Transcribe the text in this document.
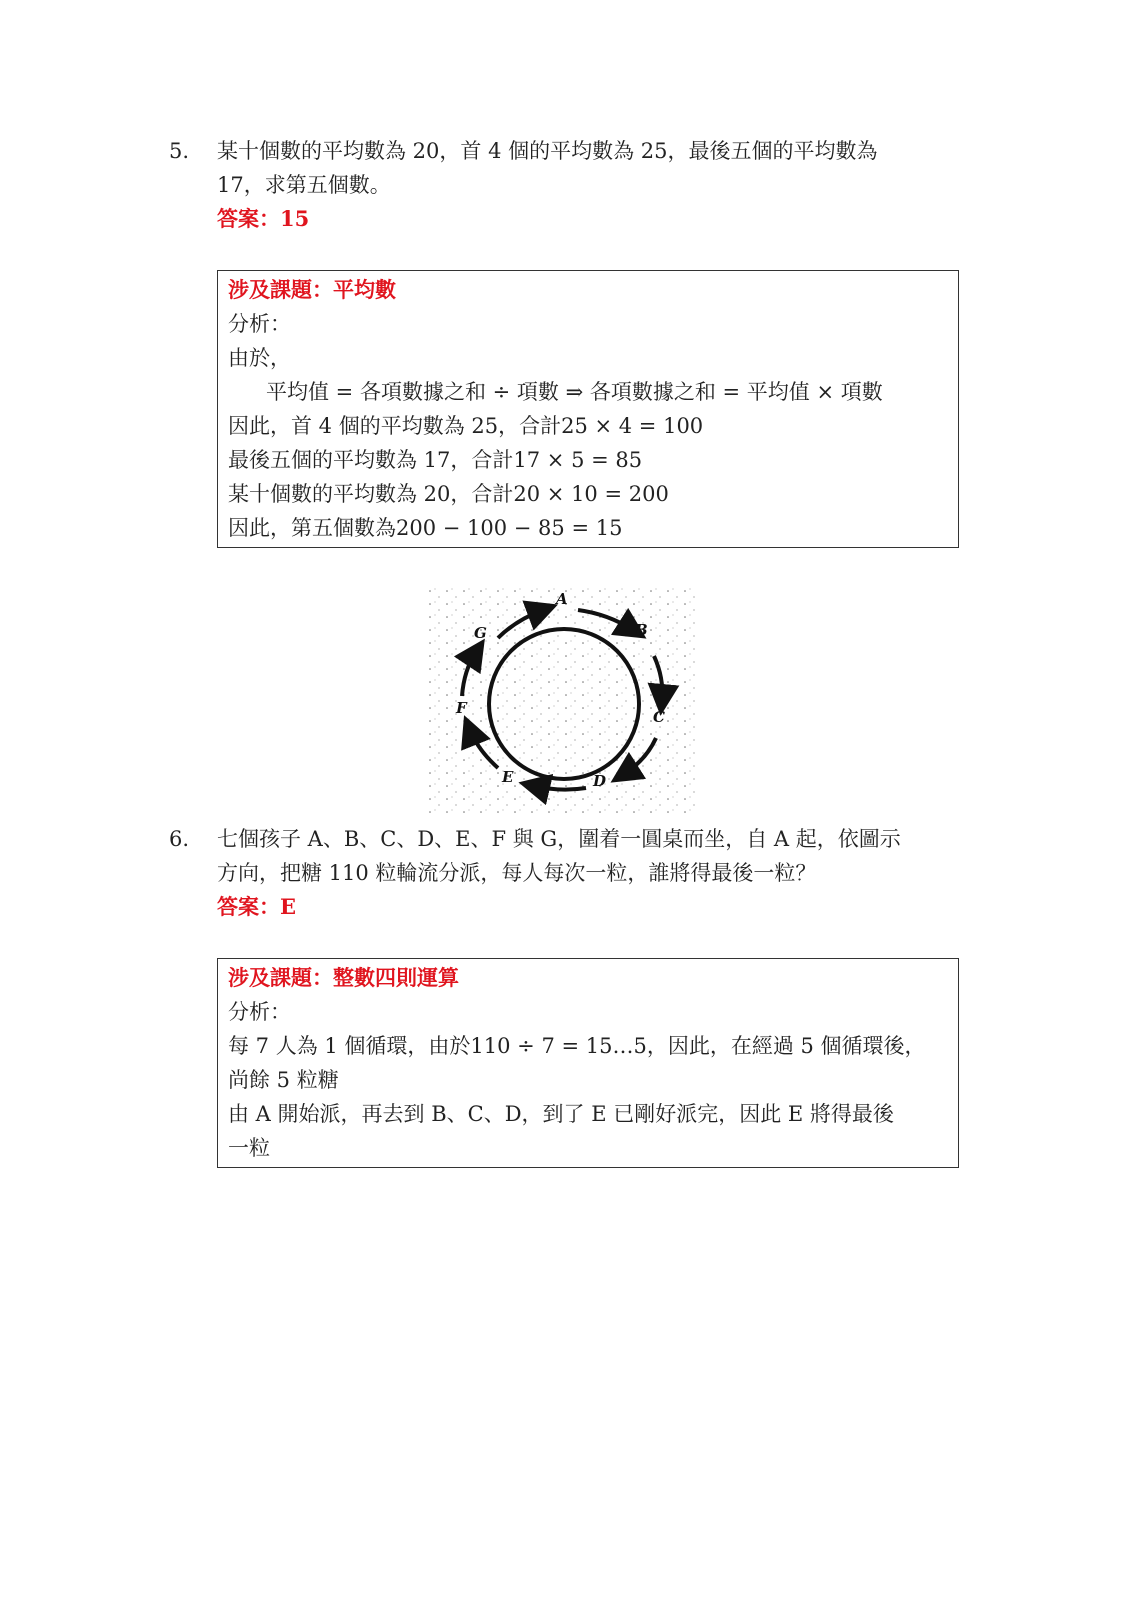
5. 某十個數的平均數為 20，首 4 個的平均數為 25，最後五個的平均數為
17，求第五個數。
答案：15
涉及課題：平均數
分析：
由於，
平均值 = 各項數據之和 ÷ 項數 ⇒ 各項數據之和 = 平均值 × 項數
因此，首 4 個的平均數為 25，合計25 × 4 = 100
最後五個的平均數為 17，合計17 × 5 = 85
某十個數的平均數為 20，合計20 × 10 = 200
因此，第五個數為200 − 100 − 85 = 15
A
B
C
D
E
F
G
6. 七個孩子 A、B、C、D、E、F 與 G，圍着一圓桌而坐，自 A 起，依圖示
方向，把糖 110 粒輪流分派，每人每次一粒，誰將得最後一粒？
答案：E
涉及課題：整數四則運算
分析：
每 7 人為 1 個循環，由於110 ÷ 7 = 15…5，因此，在經過 5 個循環後，
尚餘 5 粒糖
由 A 開始派，再去到 B、C、D，到了 E 已剛好派完，因此 E 將得最後
一粒
